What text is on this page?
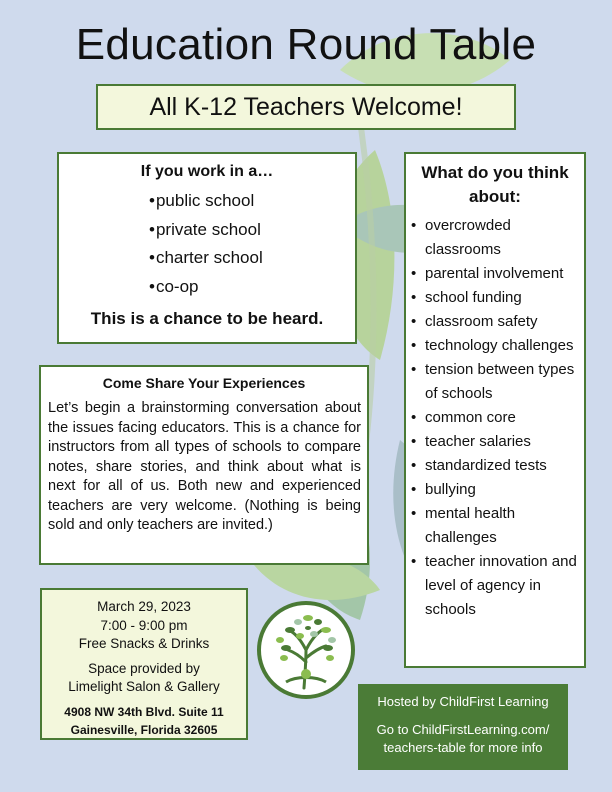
Education Round Table
All K-12 Teachers Welcome!
If you work in a…
• public school
• private school
• charter school
• co-op
This is a chance to be heard.
What do you think
about:
• overcrowded classrooms
• parental involvement
• school funding
• classroom safety
• technology challenges
• tension between types of schools
• common core
• teacher salaries
• standardized tests
• bullying
• mental health challenges
• teacher innovation and level of agency in schools
Come Share Your Experiences
Let’s begin a brainstorming conversation about the issues facing educators. This is a chance for instructors from all types of schools to compare notes, share stories, and think about what is next for all of us. Both new and experienced teachers are very welcome. (Nothing is being sold and only teachers are invited.)
March 29, 2023
7:00 - 9:00 pm
Free Snacks & Drinks
Space provided by
Limelight Salon & Gallery
4908 NW 34th Blvd. Suite 11
Gainesville, Florida 32605
Hosted by ChildFirst Learning
Go to ChildFirstLearning.com/
teachers-table for more info
